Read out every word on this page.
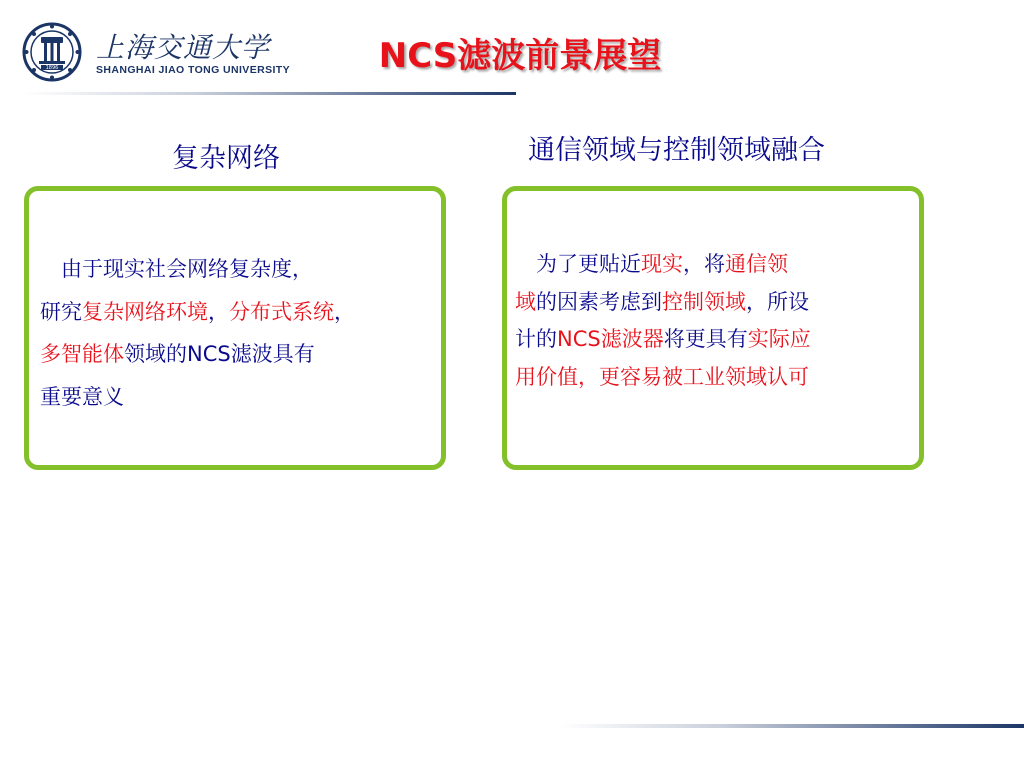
1896
上海交通大学
SHANGHAI JIAO TONG UNIVERSITY	NCS滤波前景展望
复杂网络
　由于现实社会网络复杂度，
研究复杂网络环境，分布式系统，
多智能体领域的NCS滤波具有
重要意义
通信领域与控制领域融合
　为了更贴近现实，将通信领
域的因素考虑到控制领域，所设
计的NCS滤波器将更具有实际应
用价值，更容易被工业领域认可
